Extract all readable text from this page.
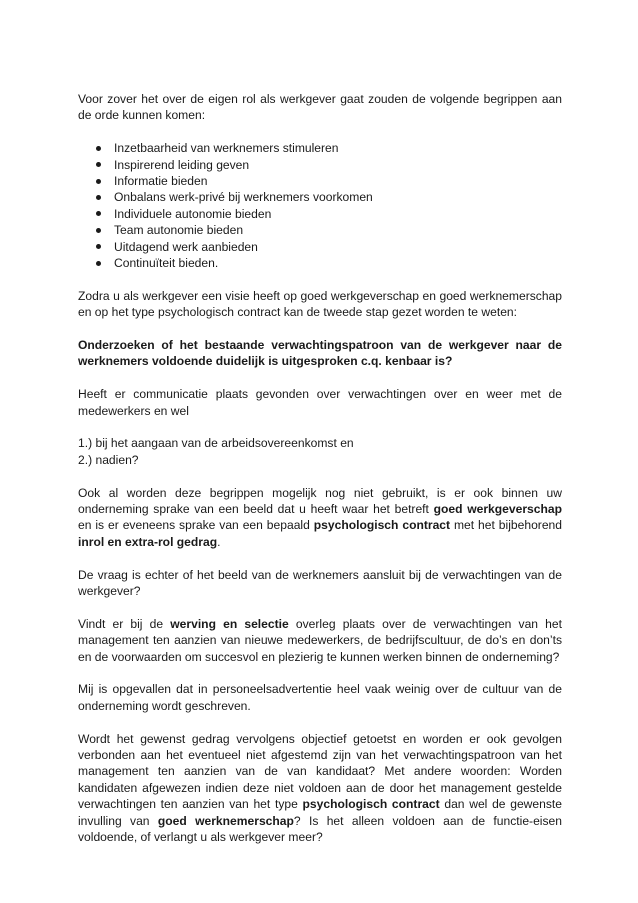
Voor zover het over de eigen rol als werkgever gaat zouden de volgende begrippen aan de orde kunnen komen:

Inzetbaarheid van werknemers stimuleren
Inspirerend leiding geven
Informatie bieden
Onbalans werk-privé bij werknemers voorkomen
Individuele autonomie bieden
Team autonomie bieden
Uitdagend werk aanbieden
Continuïteit bieden.

Zodra u als werkgever een visie heeft op goed werkgeverschap en goed werknemerschap en op het type psychologisch contract kan de tweede stap gezet worden te weten:

Onderzoeken of het bestaande verwachtingspatroon van de werkgever naar de werknemers voldoende duidelijk is uitgesproken c.q. kenbaar is?

Heeft er communicatie plaats gevonden over verwachtingen over en weer met de medewerkers en wel

1.) bij het aangaan van de arbeidsovereenkomst en

2.) nadien?

Ook al worden deze begrippen mogelijk nog niet gebruikt, is er ook binnen uw onderneming sprake van een beeld dat u heeft waar het betreft goed werkgeverschap en is er eveneens sprake van een bepaald psychologisch contract met het bijbehorend inrol en extra-rol gedrag.

De vraag is echter of het beeld van de werknemers aansluit bij de verwachtingen van de werkgever?

Vindt er bij de werving en selectie overleg plaats over de verwachtingen van het management ten aanzien van nieuwe medewerkers, de bedrijfscultuur, de do’s en don’ts en de voorwaarden om succesvol en plezierig te kunnen werken binnen de onderneming?

Mij is opgevallen dat in personeelsadvertentie heel vaak weinig over de cultuur van de onderneming wordt geschreven.

Wordt het gewenst gedrag vervolgens objectief getoetst en worden er ook gevolgen verbonden aan het eventueel niet afgestemd zijn van het verwachtingspatroon van het management ten aanzien van de van kandidaat? Met andere woorden: Worden kandidaten afgewezen indien deze niet voldoen aan de door het management gestelde verwachtingen ten aanzien van het type psychologisch contract dan wel de gewenste invulling van goed werknemerschap? Is het alleen voldoen aan de functie-eisen voldoende, of verlangt u als werkgever meer?
